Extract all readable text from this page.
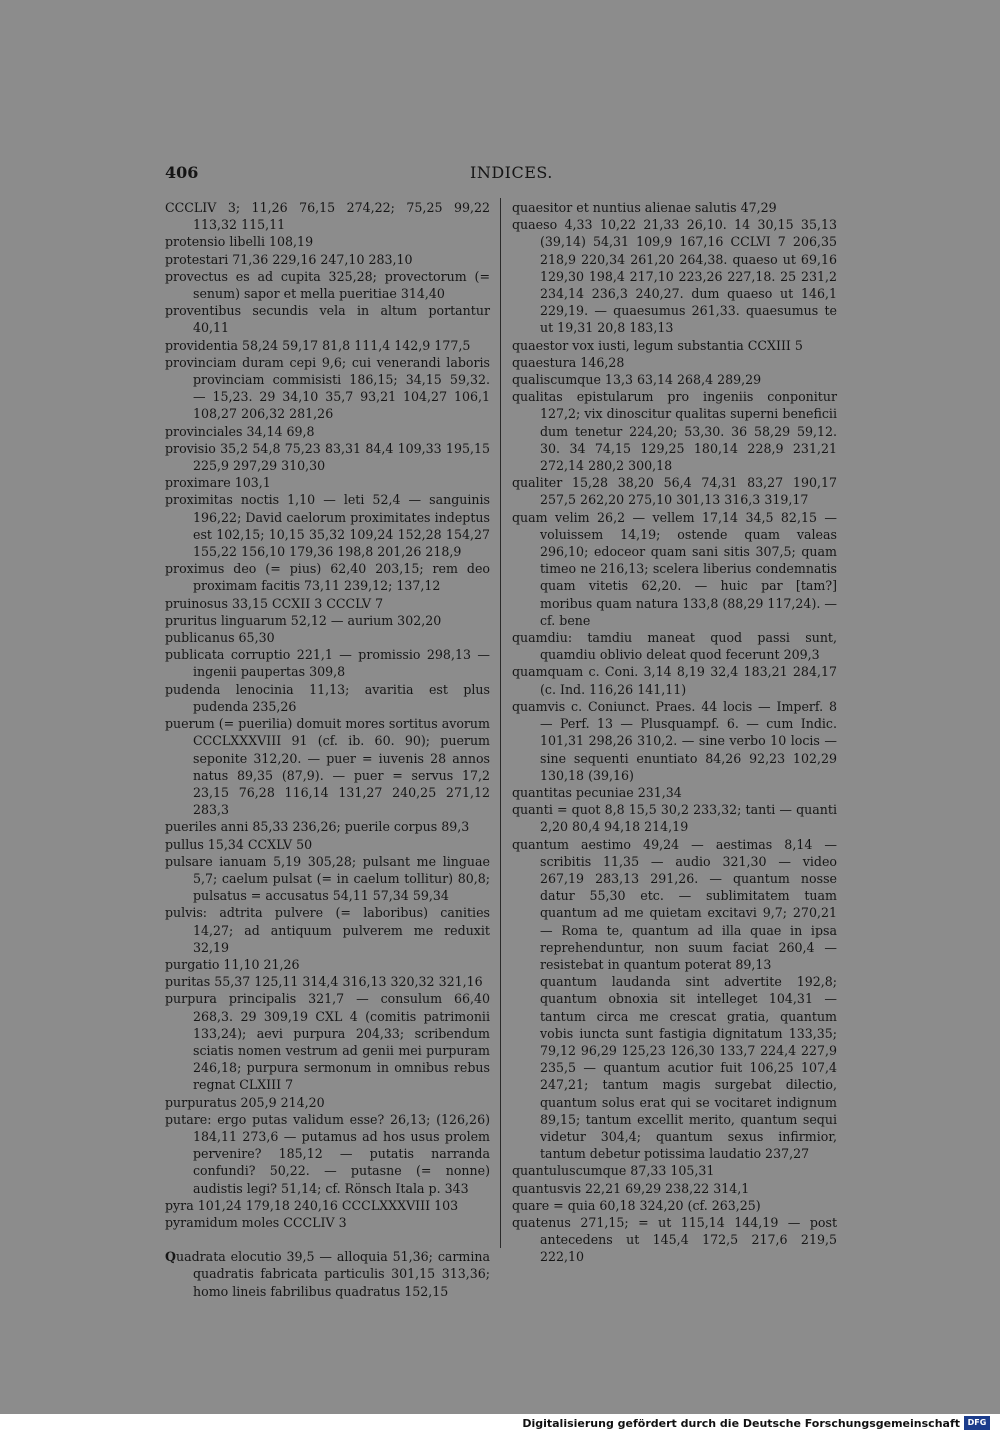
406	INDICES.

CCCLIV 3; 11,26 76,15 274,22; 75,25 99,22 113,32 115,11

protensio libelli 108,19

protestari 71,36 229,16 247,10 283,10

provectus es ad cupita 325,28; provectorum (= senum) sapor et mella pueritiae 314,40

proventibus secundis vela in altum portantur 40,11

providentia 58,24 59,17 81,8 111,4 142,9 177,5

provinciam duram cepi 9,6; cui venerandi laboris provinciam commisisti 186,15; 34,15 59,32. — 15,23. 29 34,10 35,7 93,21 104,27 106,1 108,27 206,32 281,26

provinciales 34,14 69,8

provisio 35,2 54,8 75,23 83,31 84,4 109,33 195,15 225,9 297,29 310,30

proximare 103,1

proximitas noctis 1,10 — leti 52,4 — sanguinis 196,22; David caelorum proximitates indeptus est 102,15; 10,15 35,32 109,24 152,28 154,27 155,22 156,10 179,36 198,8 201,26 218,9

proximus deo (= pius) 62,40 203,15; rem deo proximam facitis 73,11 239,12; 137,12

pruinosus 33,15 CCXII 3 CCCLV 7

pruritus linguarum 52,12 — aurium 302,20

publicanus 65,30

publicata corruptio 221,1 — promissio 298,13 — ingenii paupertas 309,8

pudenda lenocinia 11,13; avaritia est plus pudenda 235,26

puerum (= puerilia) domuit mores sortitus avorum CCCLXXXVIII 91 (cf. ib. 60. 90); puerum seponite 312,20. — puer = iuvenis 28 annos natus 89,35 (87,9). — puer = servus 17,2 23,15 76,28 116,14 131,27 240,25 271,12 283,3

pueriles anni 85,33 236,26; puerile corpus 89,3

pullus 15,34 CCXLV 50

pulsare ianuam 5,19 305,28; pulsant me linguae 5,7; caelum pulsat (= in caelum tollitur) 80,8; pulsatus = accusatus 54,11 57,34 59,34

pulvis: adtrita pulvere (= laboribus) canities 14,27; ad antiquum pulverem me reduxit 32,19

purgatio 11,10 21,26

puritas 55,37 125,11 314,4 316,13 320,32 321,16

purpura principalis 321,7 — consulum 66,40 268,3. 29 309,19 CXL 4 (comitis patrimonii 133,24); aevi purpura 204,33; scribendum sciatis nomen vestrum ad genii mei purpuram 246,18; purpura sermonum in omnibus rebus regnat CLXIII 7

purpuratus 205,9 214,20

putare: ergo putas validum esse? 26,13; (126,26) 184,11 273,6 — putamus ad hos usus prolem pervenire? 185,12 — putatis narranda confundi? 50,22. — putasne (= nonne) audistis legi? 51,14; cf. Rönsch Itala p. 343

pyra 101,24 179,18 240,16 CCCLXXXVIII 103

pyramidum moles CCCLIV 3

Quadrata elocutio 39,5 — alloquia 51,36; carmina quadratis fabricata particulis 301,15 313,36; homo lineis fabrilibus quadratus 152,15

quaesitor et nuntius alienae salutis 47,29

quaeso 4,33 10,22 21,33 26,10. 14 30,15 35,13 (39,14) 54,31 109,9 167,16 CCLVI 7 206,35 218,9 220,34 261,20 264,38. quaeso ut 69,16 129,30 198,4 217,10 223,26 227,18. 25 231,2 234,14 236,3 240,27. dum quaeso ut 146,1 229,19. — quaesumus 261,33. quaesumus te ut 19,31 20,8 183,13

quaestor vox iusti, legum substantia CCXIII 5

quaestura 146,28

qualiscumque 13,3 63,14 268,4 289,29

qualitas epistularum pro ingeniis conponitur 127,2; vix dinoscitur qualitas superni beneficii dum tenetur 224,20; 53,30. 36 58,29 59,12. 30. 34 74,15 129,25 180,14 228,9 231,21 272,14 280,2 300,18

qualiter 15,28 38,20 56,4 74,31 83,27 190,17 257,5 262,20 275,10 301,13 316,3 319,17

quam velim 26,2 — vellem 17,14 34,5 82,15 — voluissem 14,19; ostende quam valeas 296,10; edoceor quam sani sitis 307,5; quam timeo ne 216,13; scelera liberius condemnatis quam vitetis 62,20. — huic par [tam?] moribus quam natura 133,8 (88,29 117,24). — cf. bene

quamdiu: tamdiu maneat quod passi sunt, quamdiu oblivio deleat quod fecerunt 209,3

quamquam c. Coni. 3,14 8,19 32,4 183,21 284,17 (c. Ind. 116,26 141,11)

quamvis c. Coniunct. Praes. 44 locis — Imperf. 8 — Perf. 13 — Plusquampf. 6. — cum Indic. 101,31 298,26 310,2. — sine verbo 10 locis — sine sequenti enuntiato 84,26 92,23 102,29 130,18 (39,16)

quantitas pecuniae 231,34

quanti = quot 8,8 15,5 30,2 233,32; tanti — quanti 2,20 80,4 94,18 214,19

quantum aestimo 49,24 — aestimas 8,14 — scribitis 11,35 — audio 321,30 — video 267,19 283,13 291,26. — quantum nosse datur 55,30 etc. — sublimitatem tuam quantum ad me quietam excitavi 9,7; 270,21 — Roma te, quantum ad illa quae in ipsa reprehenduntur, non suum faciat 260,4 — resistebat in quantum poterat 89,13

quantum laudanda sint advertite 192,8; quantum obnoxia sit intelleget 104,31 — tantum circa me crescat gratia, quantum vobis iuncta sunt fastigia dignitatum 133,35; 79,12 96,29 125,23 126,30 133,7 224,4 227,9 235,5 — quantum acutior fuit 106,25 107,4 247,21; tantum magis surgebat dilectio, quantum solus erat qui se vocitaret indignum 89,15; tantum excellit merito, quantum sequi videtur 304,4; quantum sexus infirmior, tantum debetur potissima laudatio 237,27

quantuluscumque 87,33 105,31

quantusvis 22,21 69,29 238,22 314,1

quare = quia 60,18 324,20 (cf. 263,25)

quatenus 271,15; = ut 115,14 144,19 — post antecedens ut 145,4 172,5 217,6 219,5 222,10

Digitalisierung gefördert durch die Deutsche Forschungsgemeinschaft DFG
